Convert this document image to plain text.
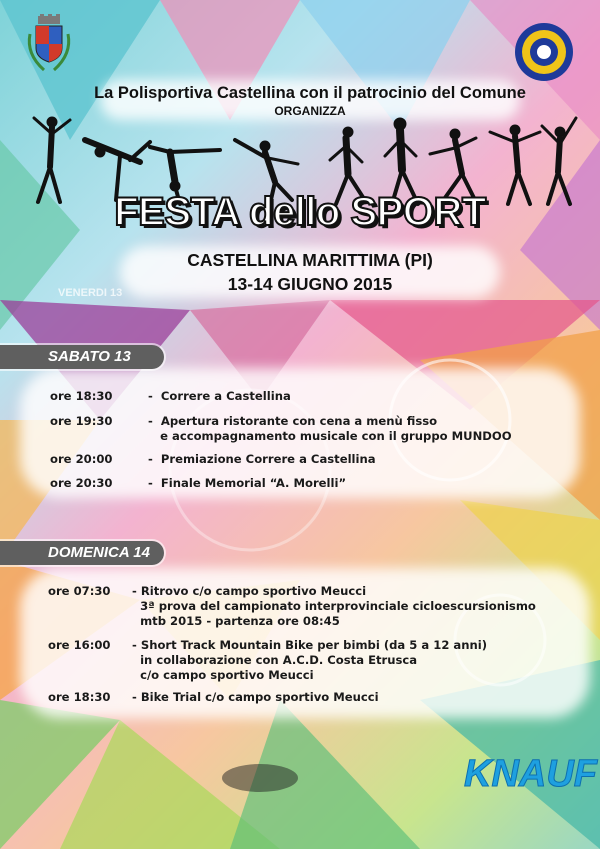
La Polisportiva Castellina con il patrocinio del Comune
ORGANIZZA
FESTA dello SPORT
CASTELLINA MARITTIMA (PI)
13-14 GIUGNO 2015
VENERDI 13
SABATO 13
ore 18:30	-  Correre a Castellina
ore 19:30	-  Apertura ristorante con cena a menù fisso
e accompagnamento musicale con il gruppo MUNDOO
ore 20:00	-  Premiazione Correre a Castellina
ore 20:30	-  Finale Memorial “A. Morelli”
DOMENICA 14
ore 07:30	- Ritrovo c/o campo sportivo Meucci
3ª prova del campionato interprovinciale cicloescursionismo
mtb 2015 - partenza ore 08:45
ore 16:00	- Short Track Mountain Bike per bimbi (da 5 a 12 anni)
in collaborazione con A.C.D. Costa Etrusca
c/o campo sportivo Meucci
ore 18:30	- Bike Trial c/o campo sportivo Meucci
KNAUF
